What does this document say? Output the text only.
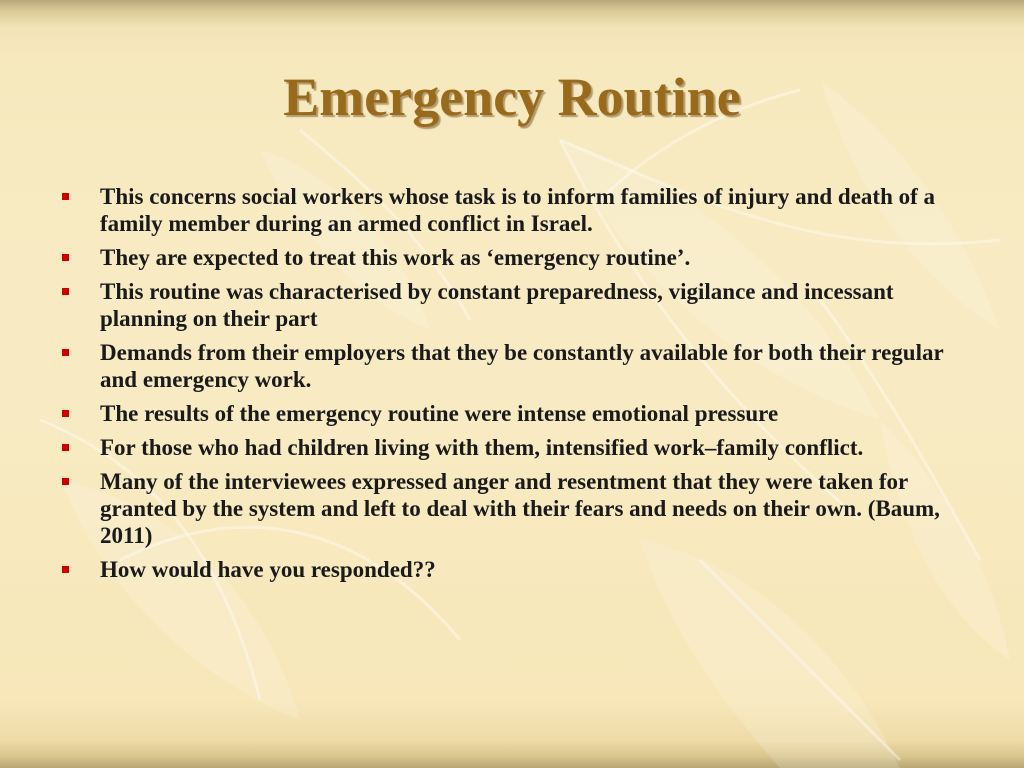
Emergency Routine
This concerns social workers whose task is to inform families of injury and death of a family member during an armed conflict in Israel.
They are expected to treat this work as ‘emergency routine’.
This routine was characterised by constant preparedness, vigilance and incessant planning on their part
Demands from their employers that they be constantly available for both their regular and emergency work.
The results of the emergency routine were intense emotional pressure
For those who had children living with them, intensified work–family conflict.
Many of the interviewees expressed anger and resentment that they were taken for granted by the system and left to deal with their fears and needs on their own. (Baum, 2011)
How would have you responded??
